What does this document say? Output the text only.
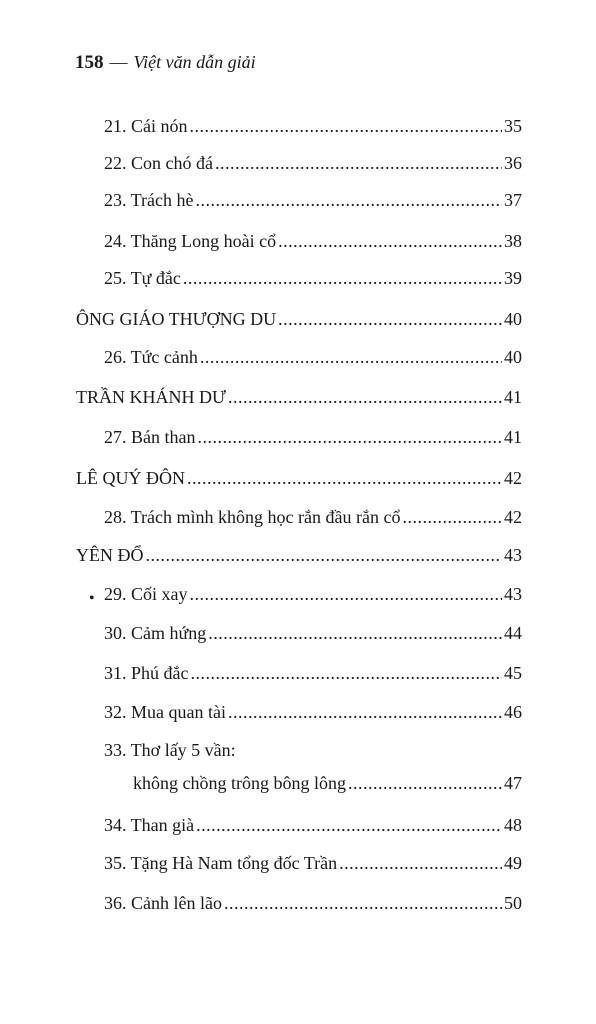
158 — Việt văn dẫn giải
21. Cái nón .....	35
22. Con chó đá .....	36
23. Trách hè .....	37
24. Thăng Long hoài cổ .....	38
25. Tự đắc .....	39
ÔNG GIÁO THƯỢNG DU .....	40
26. Tức cảnh .....	40
TRẦN KHÁNH DƯ .....	41
27. Bán than .....	41
LÊ QUÝ ĐÔN .....	42
28. Trách mình không học rắn đầu rắn cổ .....	42
YÊN ĐỔ .....	43
• 29. Cối xay .....	43
30. Cảm hứng .....	44
31. Phú đắc .....	45
32. Mua quan tài .....	46
33. Thơ lấy 5 vần:
không chồng trông bông lông .....	47
34. Than già .....	48
35. Tặng Hà Nam tổng đốc Trần .....	49
36. Cảnh lên lão .....	50
